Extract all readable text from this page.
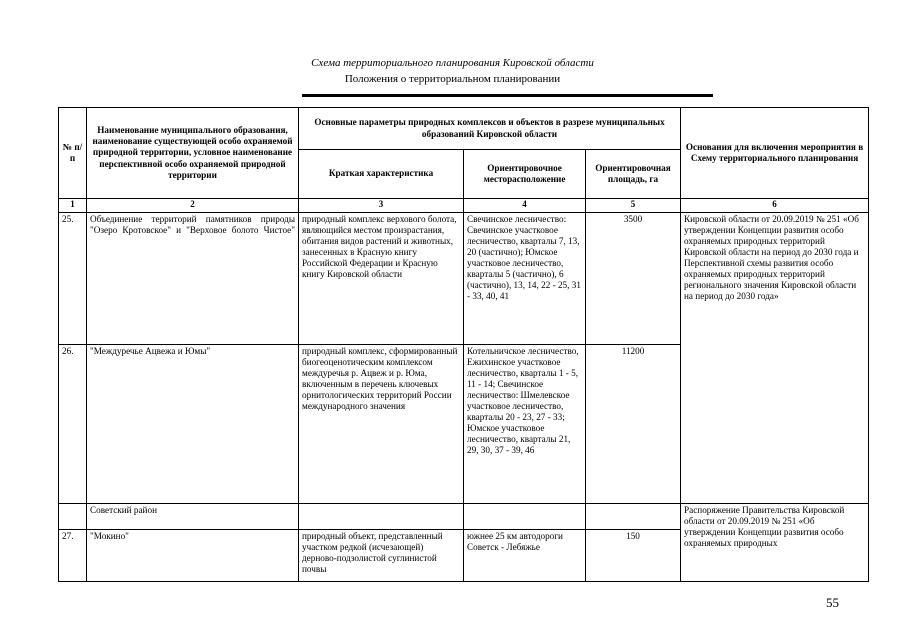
Схема территориального планирования Кировской области
Положения о территориальном планировании
№ п/п	Наименование муниципального образования, наименование существующей особо охраняемой природной территории, условное наименование перспективной особо охраняемой природной территории	Основные параметры природных комплексов и объектов в разрезе муниципальных образований Кировской области			Основания для включения мероприятия в Схему территориального планирования
		Краткая характеристика	Ориентировочное месторасположение	Ориентировочная площадь, га	
1	2	3	4	5	6
25.	Объединение территорий памятников природы "Озеро Кротовское" и "Верховое болото Чистое"	природный комплекс верхового болота, являющийся местом произрастания, обитания видов растений и животных, занесенных в Красную книгу Российской Федерации и Красную книгу Кировской области	Свечинское лесничество: Свечинское участковое лесничество, кварталы 7, 13, 20 (частично); Юмское участковое лесничество, кварталы 5 (частично), 6 (частично), 13, 14, 22 - 25, 31 - 33, 40, 41	3500	Кировской области от 20.09.2019 № 251 «Об утверждении Концепции развития особо охраняемых природных территорий Кировской области на период до 2030 года и Перспективной схемы развития особо охраняемых природных территорий регионального значения Кировской области на период до 2030 года»
26.	"Междуречье Ацвежа и Юмы"	природный комплекс, сформированный биогеоценотическим комплексом междуречья р. Ацвеж и р. Юма, включенным в перечень ключевых орнитологических территорий России международного значения	Котельничское лесничество, Ежихинское участковое лесничество, кварталы 1 - 5, 11 - 14; Свечинское лесничество: Шмелевское участковое лесничество, кварталы 20 - 23, 27 - 33; Юмское участковое лесничество, кварталы 21, 29, 30, 37 - 39, 46	11200	
	Советский район				Распоряжение Правительства Кировской области от 20.09.2019 № 251 «Об утверждении Концепции развития особо охраняемых природных
27.	"Мокино"	природный объект, представленный участком редкой (исчезающей) дерново-подзолистой суглинистой почвы	южнее 25 км автодороги Советск - Лебяжье	150	
55
